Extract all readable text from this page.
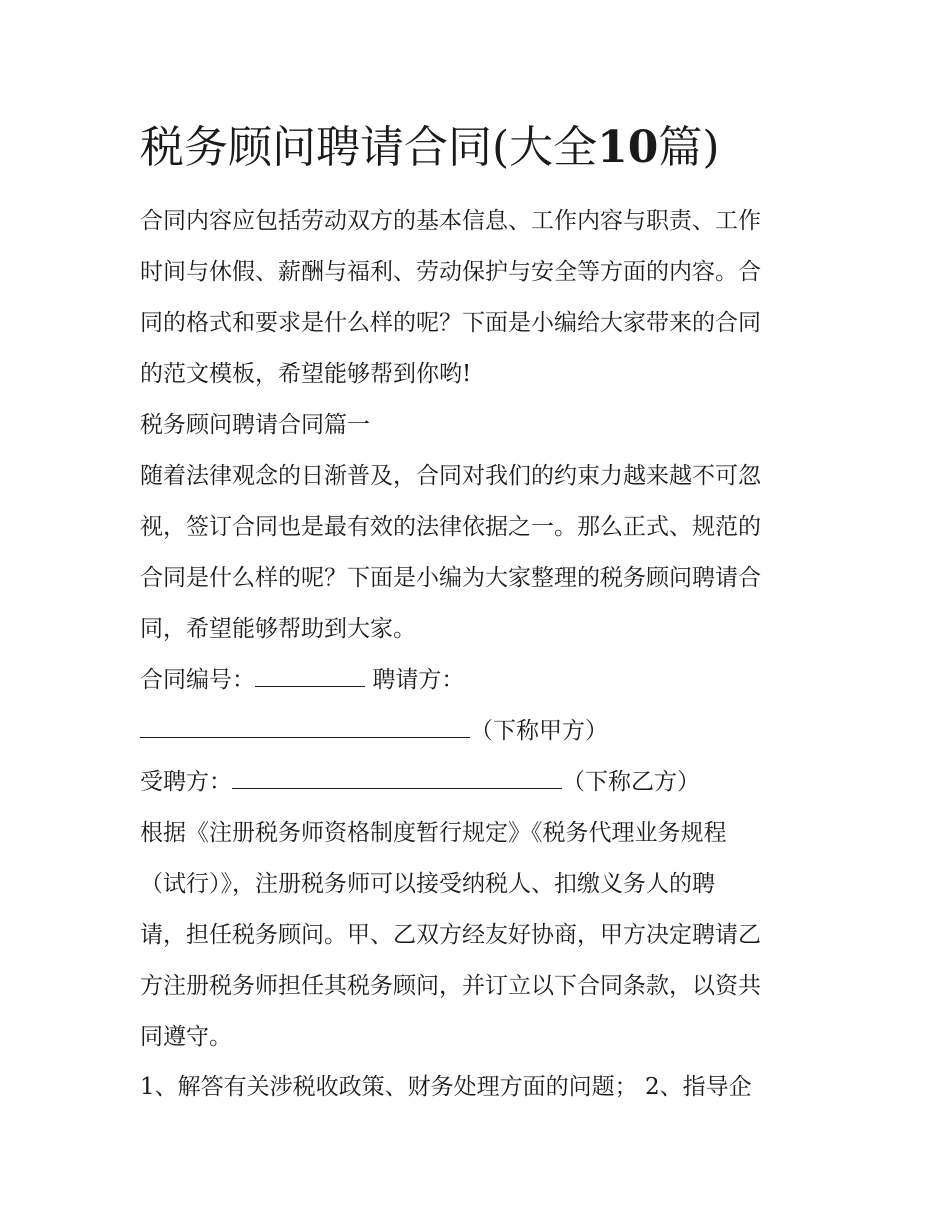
税务顾问聘请合同(大全10篇)
合同内容应包括劳动双方的基本信息、工作内容与职责、工作
时间与休假、薪酬与福利、劳动保护与安全等方面的内容。合
同的格式和要求是什么样的呢？下面是小编给大家带来的合同
的范文模板，希望能够帮到你哟!
税务顾问聘请合同篇一
随着法律观念的日渐普及，合同对我们的约束力越来越不可忽
视，签订合同也是最有效的法律依据之一。那么正式、规范的
合同是什么样的呢？下面是小编为大家整理的税务顾问聘请合
同，希望能够帮助到大家。
合同编号：	聘请方：
（下称甲方）
受聘方：	（下称乙方）
根据《注册税务师资格制度暂行规定》《税务代理业务规程
（试行）》，注册税务师可以接受纳税人、扣缴义务人的聘
请，担任税务顾问。甲、乙双方经友好协商，甲方决定聘请乙
方注册税务师担任其税务顾问，并订立以下合同条款，以资共
同遵守。
1、解答有关涉税收政策、财务处理方面的问题； 2、指导企
